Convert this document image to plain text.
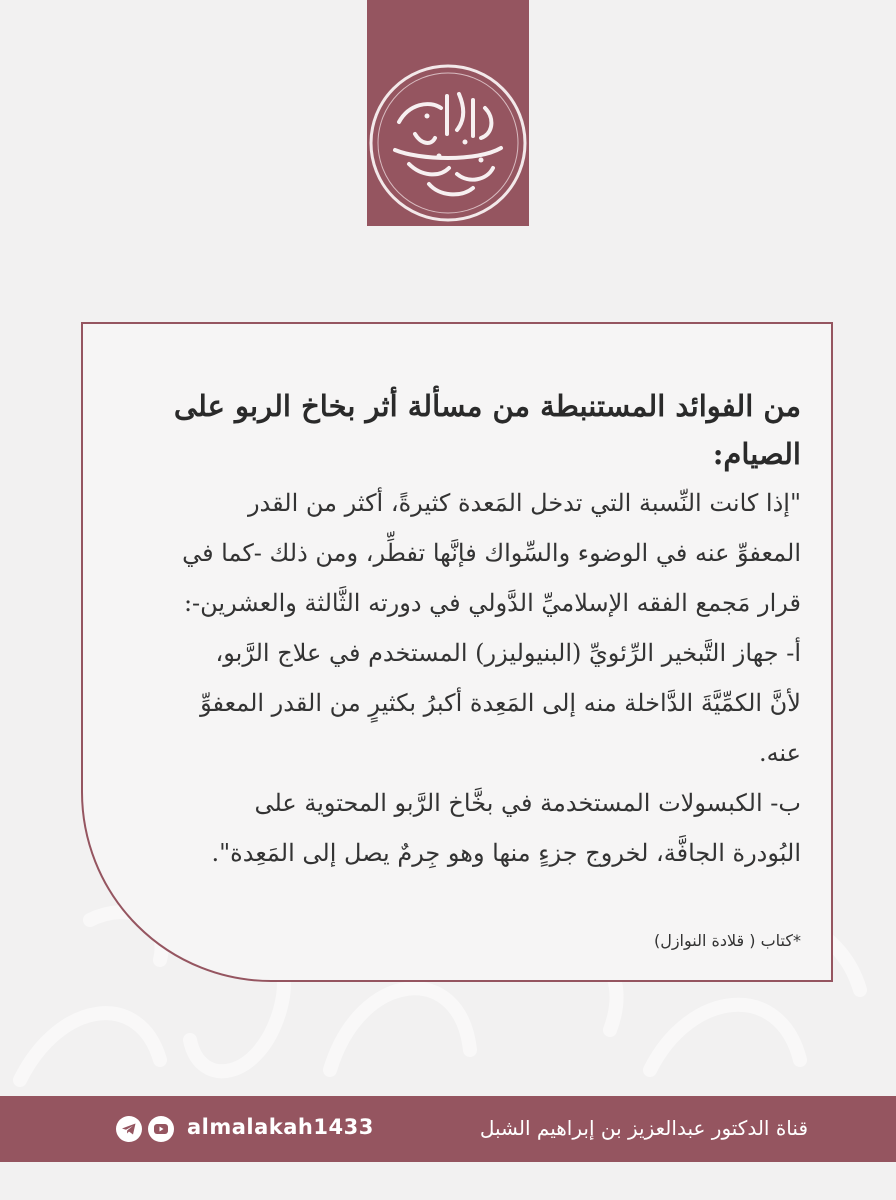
من الفوائد المستنبطة من مسألة أثر بخاخ الربو على
الصيام:
"إذا كانت النِّسبة التي تدخل المَعدة كثيرةً، أكثر من القدر
المعفوِّ عنه في الوضوء والسِّواك فإنَّها تفطِّر، ومن ذلك -كما في
قرار مَجمع الفقه الإسلاميِّ الدَّولي في دورته الثَّالثة والعشرين-:
أ- جهاز التَّبخير الرِّئويِّ (البنيوليزر) المستخدم في علاج الرَّبو،
لأنَّ الكمِّيَّةَ الدَّاخلة منه إلى المَعِدة أكبرُ بكثيرٍ من القدر المعفوِّ
عنه.
ب- الكبسولات المستخدمة في بخَّاخ الرَّبو المحتوية على
البُودرة الجافَّة، لخروج جزءٍ منها وهو جِرمٌ يصل إلى المَعِدة".
*كتاب ( قلادة النوازل)
قناة الدكتور عبدالعزيز بن إبراهيم الشبل
almalakah1433
